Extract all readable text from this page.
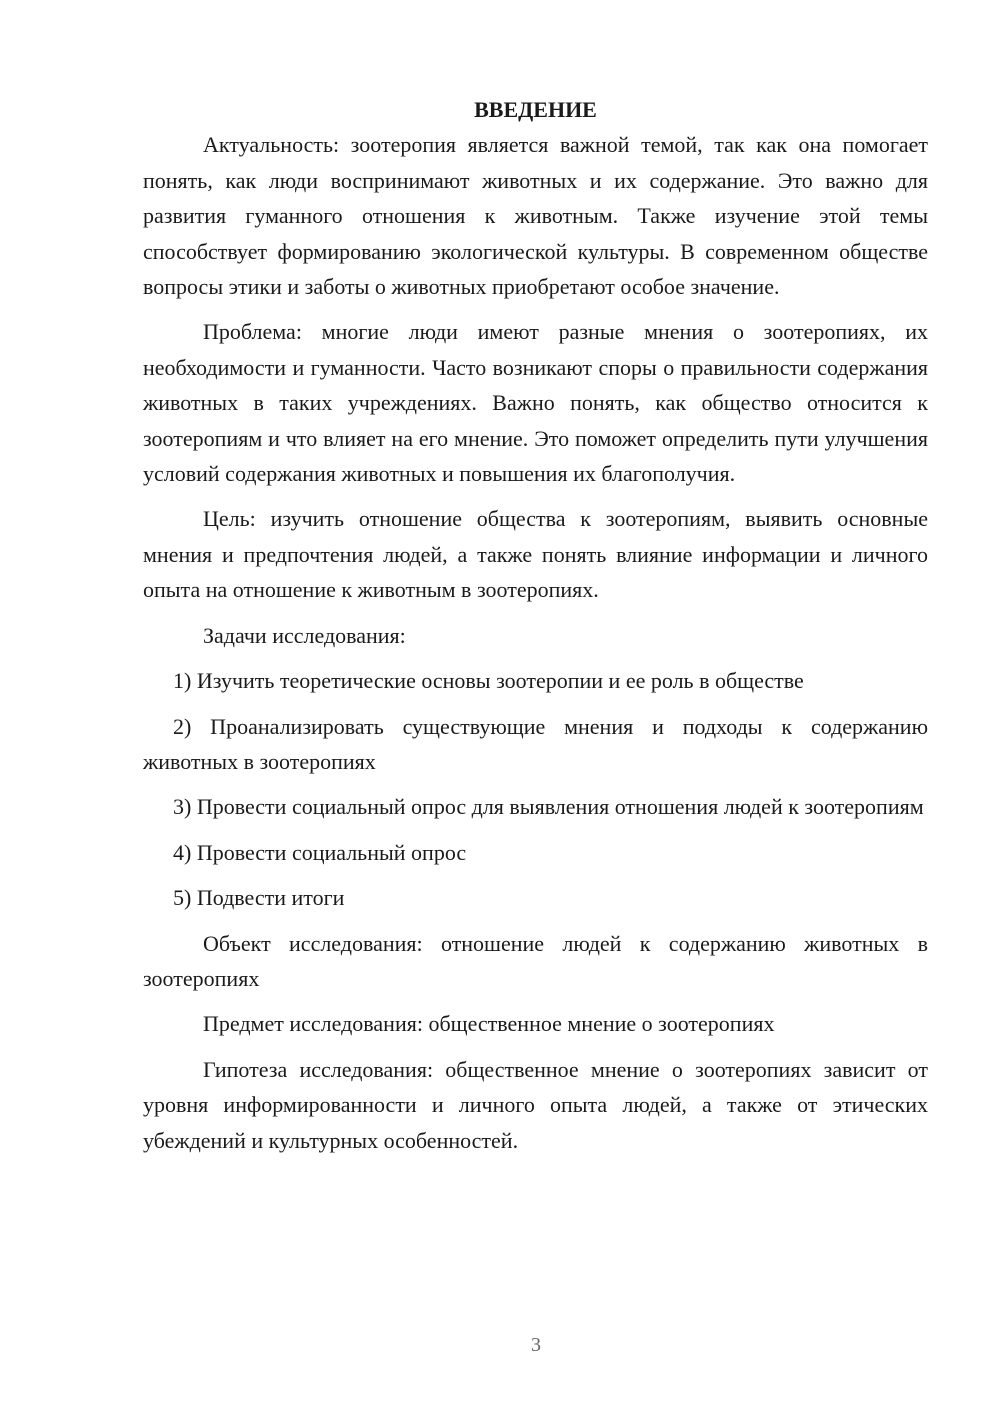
ВВЕДЕНИЕ

Актуальность: зоотеропия является важной темой, так как она помогает понять, как люди воспринимают животных и их содержание. Это важно для развития гуманного отношения к животным. Также изучение этой темы способствует формированию экологической культуры. В современном обществе вопросы этики и заботы о животных приобретают особое значение.

Проблема: многие люди имеют разные мнения о зоотеропиях, их необходимости и гуманности. Часто возникают споры о правильности содержания животных в таких учреждениях. Важно понять, как общество относится к зоотеропиям и что влияет на его мнение. Это поможет определить пути улучшения условий содержания животных и повышения их благополучия.

Цель: изучить отношение общества к зоотеропиям, выявить основные мнения и предпочтения людей, а также понять влияние информации и личного опыта на отношение к животным в зоотеропиях.

Задачи исследования:

1) Изучить теоретические основы зоотеропии и ее роль в обществе

2) Проанализировать существующие мнения и подходы к содержанию животных в зоотеропиях

3) Провести социальный опрос для выявления отношения людей к зоотеропиям

4) Провести социальный опрос

5) Подвести итоги

Объект исследования: отношение людей к содержанию животных в зоотеропиях

Предмет исследования: общественное мнение о зоотеропиях

Гипотеза исследования: общественное мнение о зоотеропиях зависит от уровня информированности и личного опыта людей, а также от этических убеждений и культурных особенностей.

3
